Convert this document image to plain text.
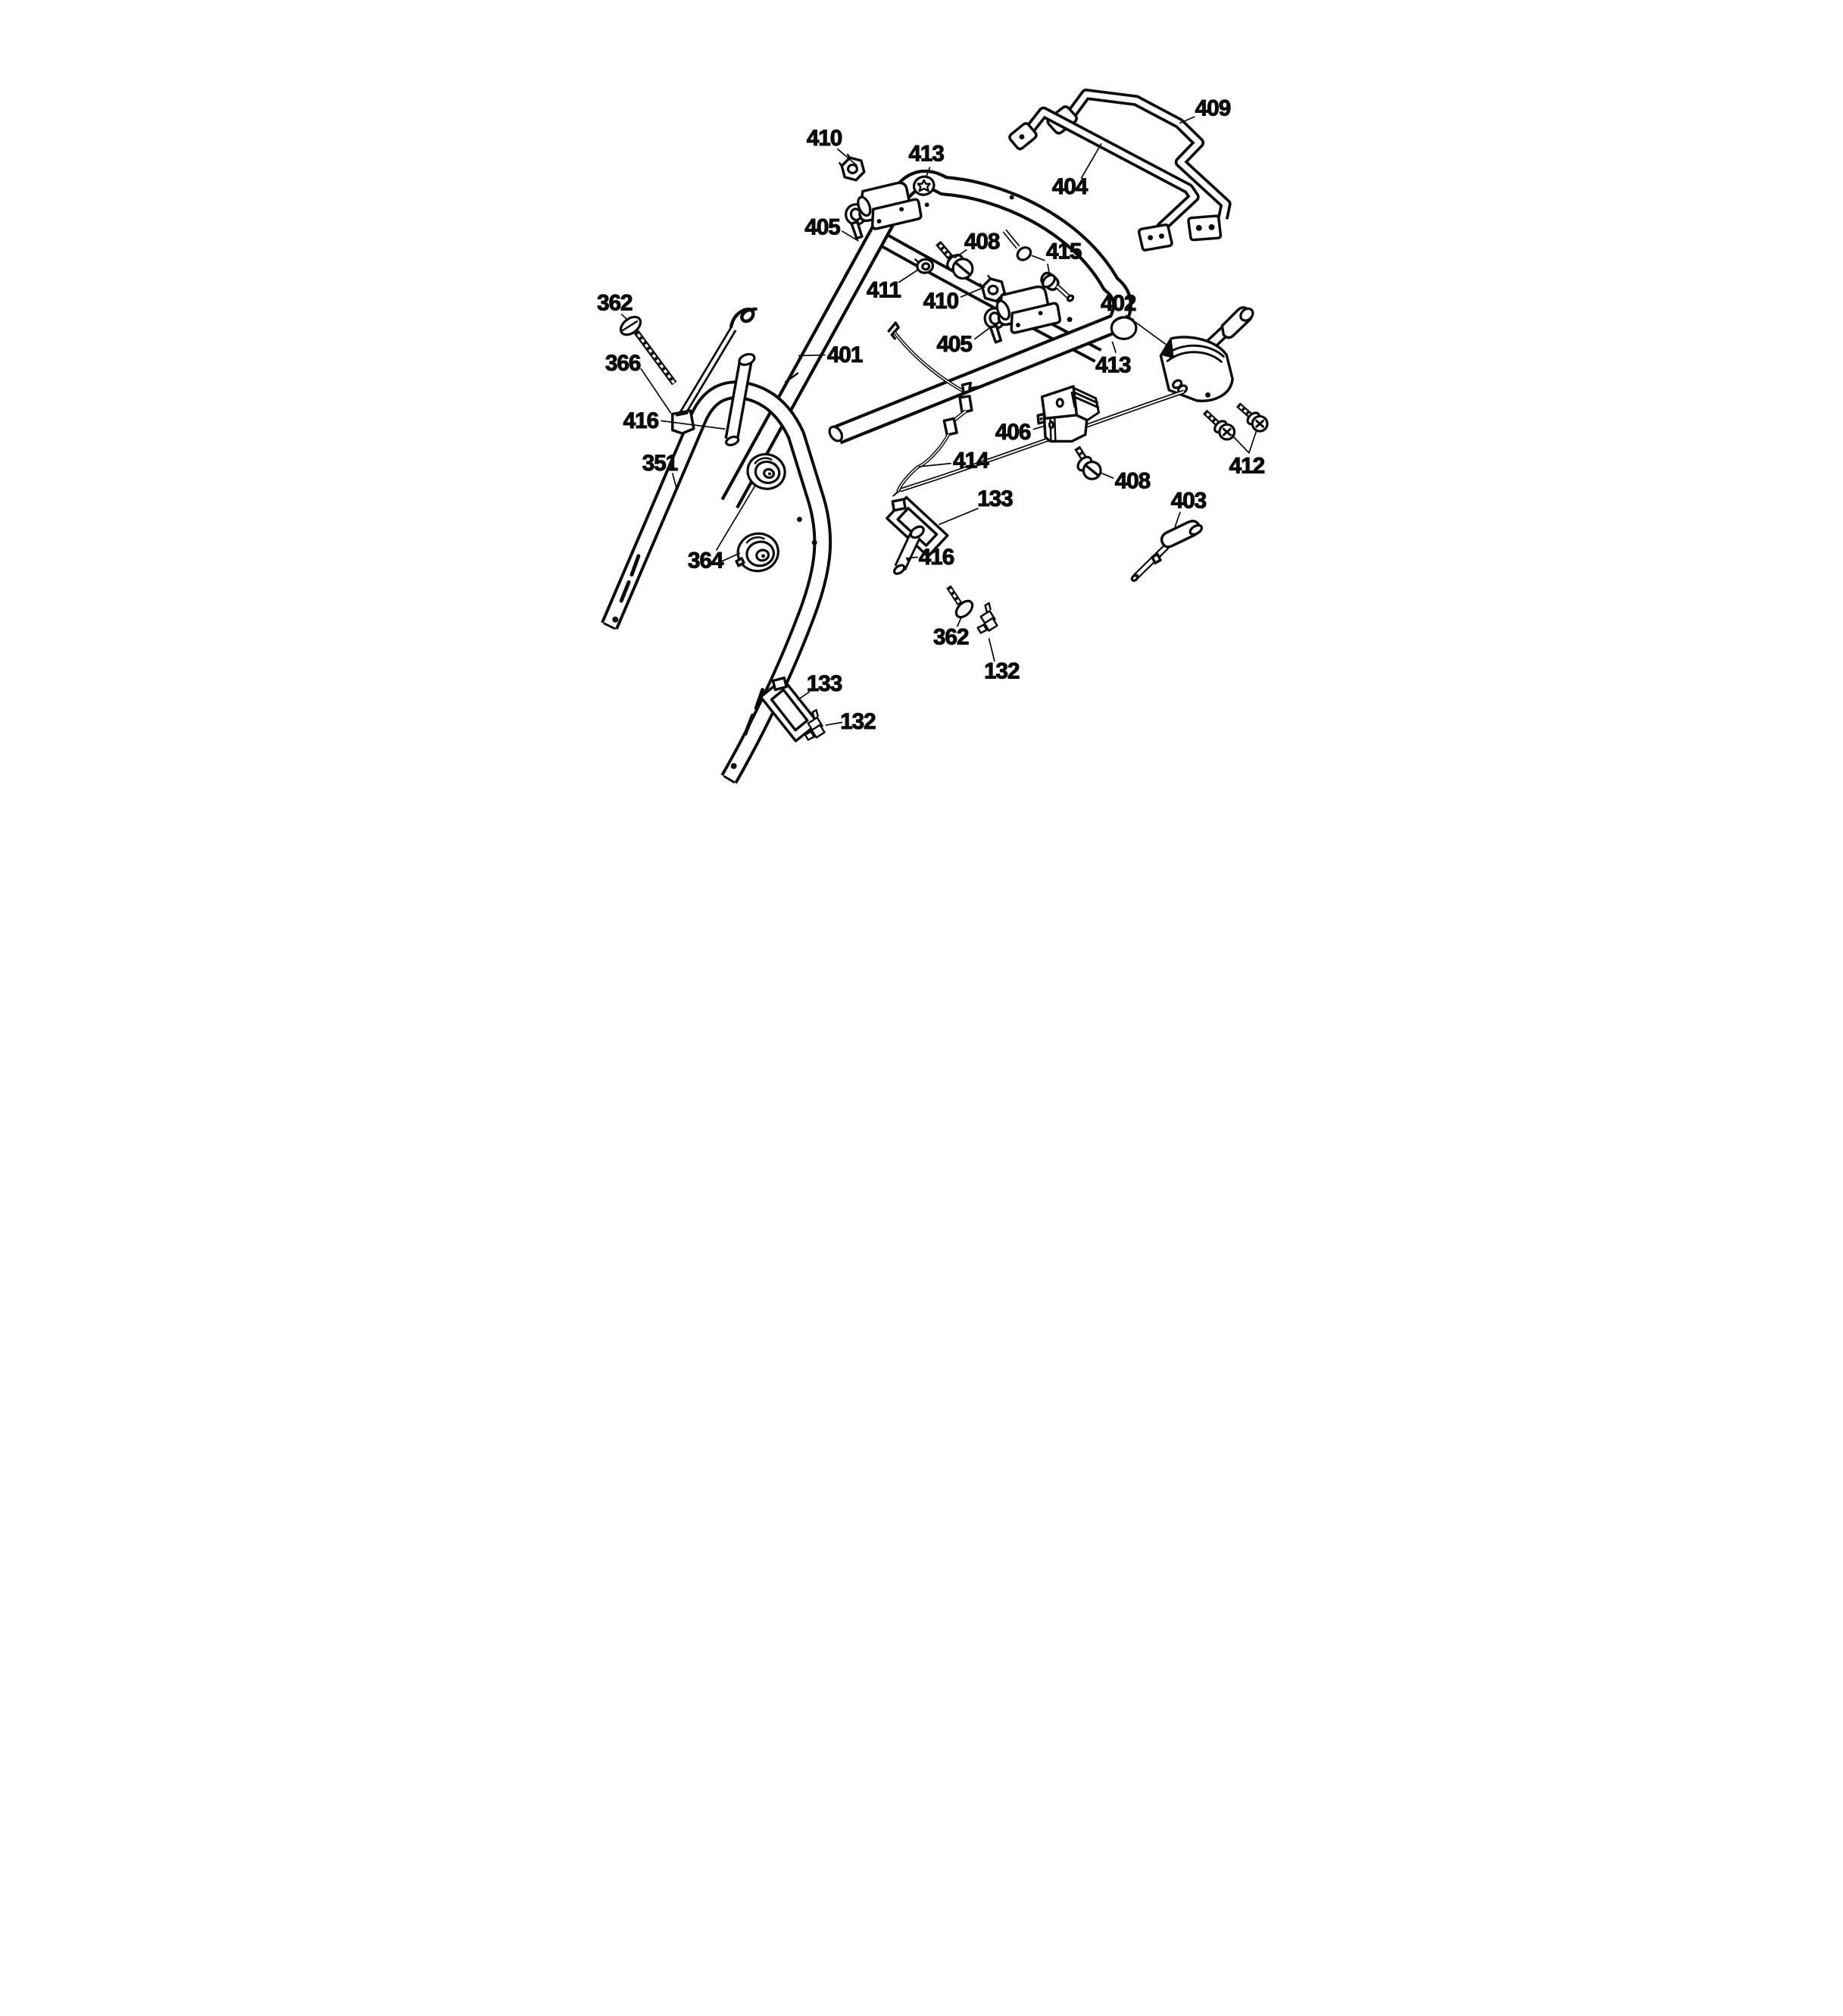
410
413
409
404
405
408 415
411 410
405
401
402
413
362
366
416
351
364
414
406
412
408
403
133
416
362
132
133
132
